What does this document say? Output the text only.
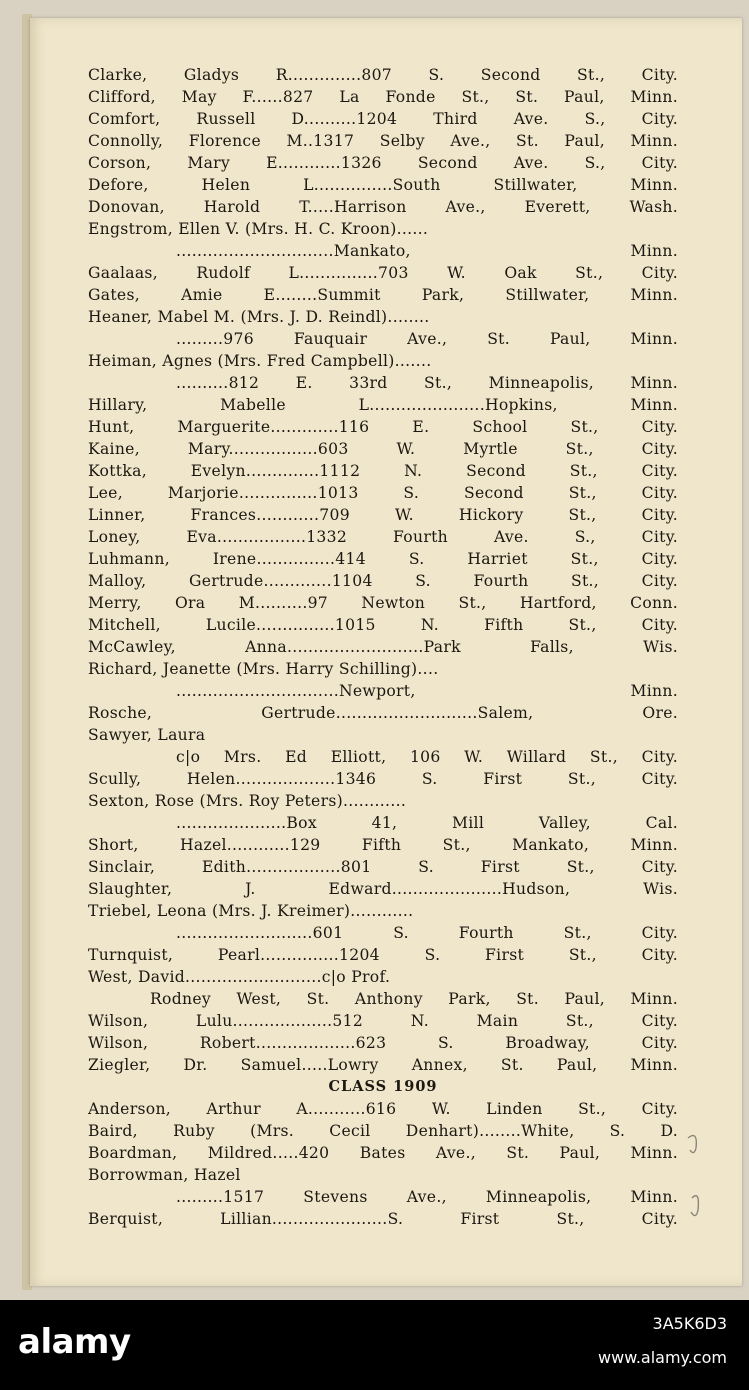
Clarke, Gladys R..............807 S. Second St., City.
Clifford, May F......827 La Fonde St., St. Paul, Minn.
Comfort, Russell D..........1204 Third Ave. S., City.
Connolly, Florence M..1317 Selby Ave., St. Paul, Minn.
Corson, Mary E............1326 Second Ave. S., City.
Defore, Helen L...............South Stillwater, Minn.
Donovan, Harold T.....Harrison Ave., Everett, Wash.
Engstrom, Ellen V. (Mrs. H. C. Kroon)......
..............................Mankato, Minn.
Gaalaas, Rudolf L...............703 W. Oak St., City.
Gates, Amie E........Summit Park, Stillwater, Minn.
Heaner, Mabel M. (Mrs. J. D. Reindl)........
.........976 Fauquair Ave., St. Paul, Minn.
Heiman, Agnes (Mrs. Fred Campbell).......
..........812 E. 33rd St., Minneapolis, Minn.
Hillary, Mabelle L......................Hopkins, Minn.
Hunt, Marguerite.............116 E. School St., City.
Kaine, Mary.................603 W. Myrtle St., City.
Kottka, Evelyn..............1112 N. Second St., City.
Lee, Marjorie...............1013 S. Second St., City.
Linner, Frances............709 W. Hickory St., City.
Loney, Eva.................1332 Fourth Ave. S., City.
Luhmann, Irene...............414 S. Harriet St., City.
Malloy, Gertrude.............1104 S. Fourth St., City.
Merry, Ora M..........97 Newton St., Hartford, Conn.
Mitchell, Lucile...............1015 N. Fifth St., City.
McCawley, Anna..........................Park Falls, Wis.
Richard, Jeanette (Mrs. Harry Schilling)....
...............................Newport, Minn.
Rosche, Gertrude...........................Salem, Ore.
Sawyer, Laura
c|o Mrs. Ed Elliott, 106 W. Willard St., City.
Scully, Helen...................1346 S. First St., City.
Sexton, Rose (Mrs. Roy Peters)............
.....................Box 41, Mill Valley, Cal.
Short, Hazel............129 Fifth St., Mankato, Minn.
Sinclair, Edith..................801 S. First St., City.
Slaughter, J. Edward.....................Hudson, Wis.
Triebel, Leona (Mrs. J. Kreimer)............
..........................601 S. Fourth St., City.
Turnquist, Pearl...............1204 S. First St., City.
West, David..........................c|o Prof.
Rodney West, St. Anthony Park, St. Paul, Minn.
Wilson, Lulu...................512 N. Main St., City.
Wilson, Robert...................623 S. Broadway, City.
Ziegler, Dr. Samuel.....Lowry Annex, St. Paul, Minn.
CLASS 1909
Anderson, Arthur A...........616 W. Linden St., City.
Baird, Ruby (Mrs. Cecil Denhart)........White, S. D.
Boardman, Mildred.....420 Bates Ave., St. Paul, Minn.
Borrowman, Hazel
.........1517 Stevens Ave., Minneapolis, Minn.
Berquist, Lillian......................S. First St., City.
alamy	3A5K6D3
www.alamy.com
